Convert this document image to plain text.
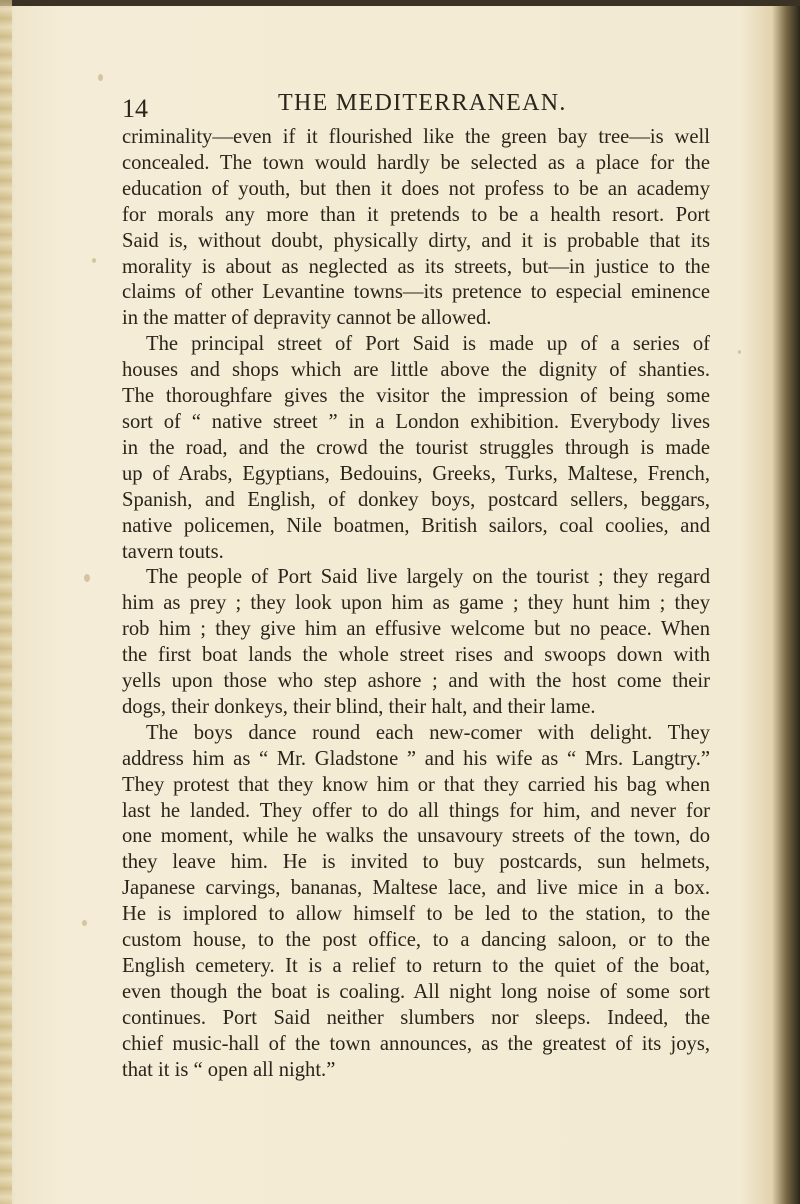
14	THE MEDITERRANEAN.

criminality—even if it flourished like the green bay tree—is well
concealed. The town would hardly be selected as a place for the
education of youth, but then it does not profess to be an academy
for morals any more than it pretends to be a health resort. Port
Said is, without doubt, physically dirty, and it is probable that its
morality is about as neglected as its streets, but—in justice to the
claims of other Levantine towns—its pretence to especial eminence
in the matter of depravity cannot be allowed.

The principal street of Port Said is made up of a series of
houses and shops which are little above the dignity of shanties.
The thoroughfare gives the visitor the impression of being some
sort of “ native street ” in a London exhibition. Everybody lives
in the road, and the crowd the tourist struggles through is made
up of Arabs, Egyptians, Bedouins, Greeks, Turks, Maltese, French,
Spanish, and English, of donkey boys, postcard sellers, beggars,
native policemen, Nile boatmen, British sailors, coal coolies, and
tavern touts.

The people of Port Said live largely on the tourist ; they regard
him as prey ; they look upon him as game ; they hunt him ; they
rob him ; they give him an effusive welcome but no peace. When
the first boat lands the whole street rises and swoops down with
yells upon those who step ashore ; and with the host come their
dogs, their donkeys, their blind, their halt, and their lame.

The boys dance round each new-comer with delight. They
address him as “ Mr. Gladstone ” and his wife as “ Mrs. Langtry.”
They protest that they know him or that they carried his bag when
last he landed. They offer to do all things for him, and never for
one moment, while he walks the unsavoury streets of the town, do
they leave him. He is invited to buy postcards, sun helmets,
Japanese carvings, bananas, Maltese lace, and live mice in a box.
He is implored to allow himself to be led to the station, to the
custom house, to the post office, to a dancing saloon, or to the
English cemetery. It is a relief to return to the quiet of the boat,
even though the boat is coaling. All night long noise of some sort
continues. Port Said neither slumbers nor sleeps. Indeed, the
chief music-hall of the town announces, as the greatest of its joys,
that it is “ open all night.”
